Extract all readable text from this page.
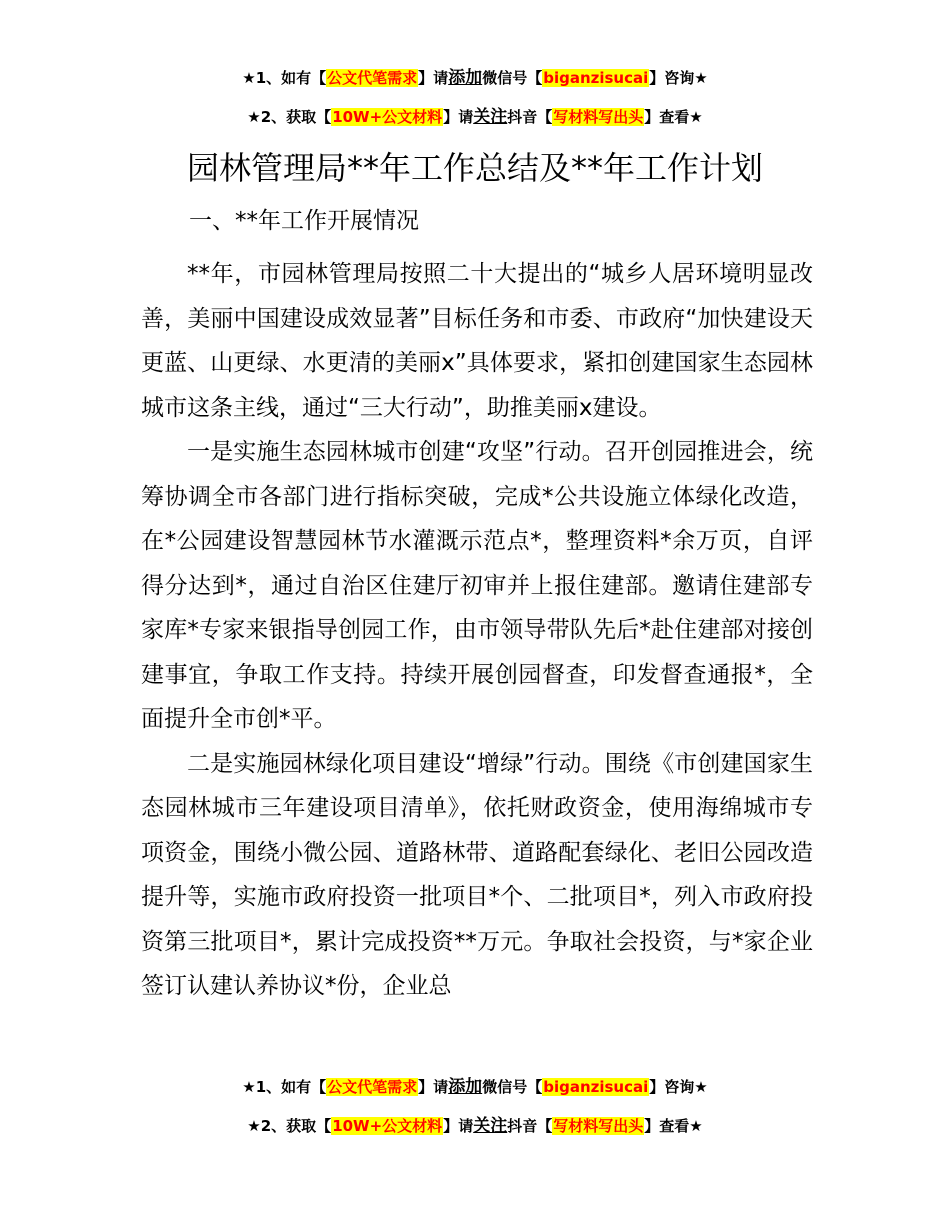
★1、如有【公文代笔需求】请添加微信号【biganzisucai】咨询★
★2、获取【10W+公文材料】请关注抖音【写材料写出头】查看★
园林管理局**年工作总结及**年工作计划
一、**年工作开展情况

**年，市园林管理局按照二十大提出的“城乡人居环境明显改善，美丽中国建设成效显著”目标任务和市委、市政府“加快建设天更蓝、山更绿、水更清的美丽x”具体要求，紧扣创建国家生态园林城市这条主线，通过“三大行动”，助推美丽x建设。

一是实施生态园林城市创建“攻坚”行动。召开创园推进会，统筹协调全市各部门进行指标突破，完成*公共设施立体绿化改造，在*公园建设智慧园林节水灌溉示范点*，整理资料*余万页，自评得分达到*，通过自治区住建厅初审并上报住建部。邀请住建部专家库*专家来银指导创园工作，由市领导带队先后*赴住建部对接创建事宜，争取工作支持。持续开展创园督查，印发督查通报*，全面提升全市创*平。

二是实施园林绿化项目建设“增绿”行动。围绕《市创建国家生态园林城市三年建设项目清单》，依托财政资金，使用海绵城市专项资金，围绕小微公园、道路林带、道路配套绿化、老旧公园改造提升等，实施市政府投资一批项目*个、二批项目*，列入市政府投资第三批项目*，累计完成投资**万元。争取社会投资，与*家企业签订认建认养协议*份，企业总

★1、如有【公文代笔需求】请添加微信号【biganzisucai】咨询★
★2、获取【10W+公文材料】请关注抖音【写材料写出头】查看★
